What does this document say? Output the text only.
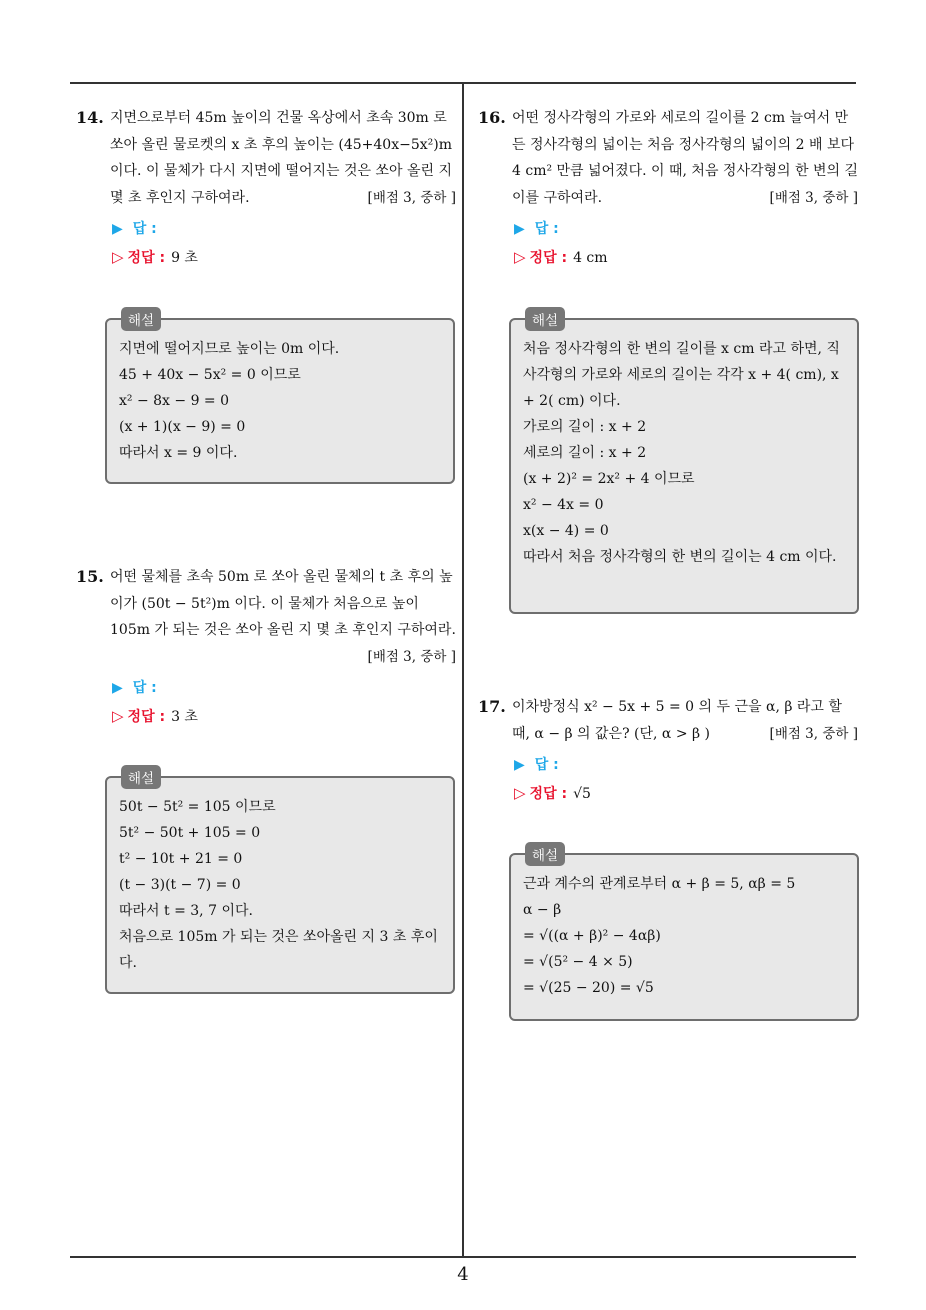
14. 지면으로부터 45m 높이의 건물 옥상에서 초속 30m 로 쏘아 올린 물로켓의 x 초 후의 높이는 (45+40x−5x²)m 이다. 이 물체가 다시 지면에 떨어지는 것은 쏘아 올린 지 몇 초 후인지 구하여라.	[배점 3, 중하 ]
▶ 답 :
▷ 정답 : 9 초
해설
지면에 떨어지므로 높이는 0m 이다.
45 + 40x − 5x² = 0 이므로
x² − 8x − 9 = 0
(x + 1)(x − 9) = 0
따라서 x = 9 이다.
15. 어떤 물체를 초속 50m 로 쏘아 올린 물체의 t 초 후의 높이가 (50t − 5t²)m 이다. 이 물체가 처음으로 높이 105m 가 되는 것은 쏘아 올린 지 몇 초 후인지 구하여라.
[배점 3, 중하 ]
▶ 답 :
▷ 정답 : 3 초
해설
50t − 5t² = 105 이므로
5t² − 50t + 105 = 0
t² − 10t + 21 = 0
(t − 3)(t − 7) = 0
따라서 t = 3, 7 이다.
처음으로 105m 가 되는 것은 쏘아올린 지 3 초 후이다.
16. 어떤 정사각형의 가로와 세로의 길이를 2 cm 늘여서 만든 정사각형의 넓이는 처음 정사각형의 넓이의 2 배 보다 4 cm² 만큼 넓어졌다. 이 때, 처음 정사각형의 한 변의 길이를 구하여라.	[배점 3, 중하 ]
▶ 답 :
▷ 정답 : 4 cm
해설
처음 정사각형의 한 변의 길이를 x cm 라고 하면, 직사각형의 가로와 세로의 길이는 각각 x + 4( cm), x + 2( cm) 이다.
가로의 길이 : x + 2
세로의 길이 : x + 2
(x + 2)² = 2x² + 4 이므로
x² − 4x = 0
x(x − 4) = 0
따라서 처음 정사각형의 한 변의 길이는 4 cm 이다.
17. 이차방정식 x² − 5x + 5 = 0 의 두 근을 α, β 라고 할 때, α − β 의 값은? (단, α > β )	[배점 3, 중하 ]
▶ 답 :
▷ 정답 : √5
해설
근과 계수의 관계로부터 α + β = 5, αβ = 5
α − β
= √((α + β)² − 4αβ)
= √(5² − 4 × 5)
= √(25 − 20) = √5
4
